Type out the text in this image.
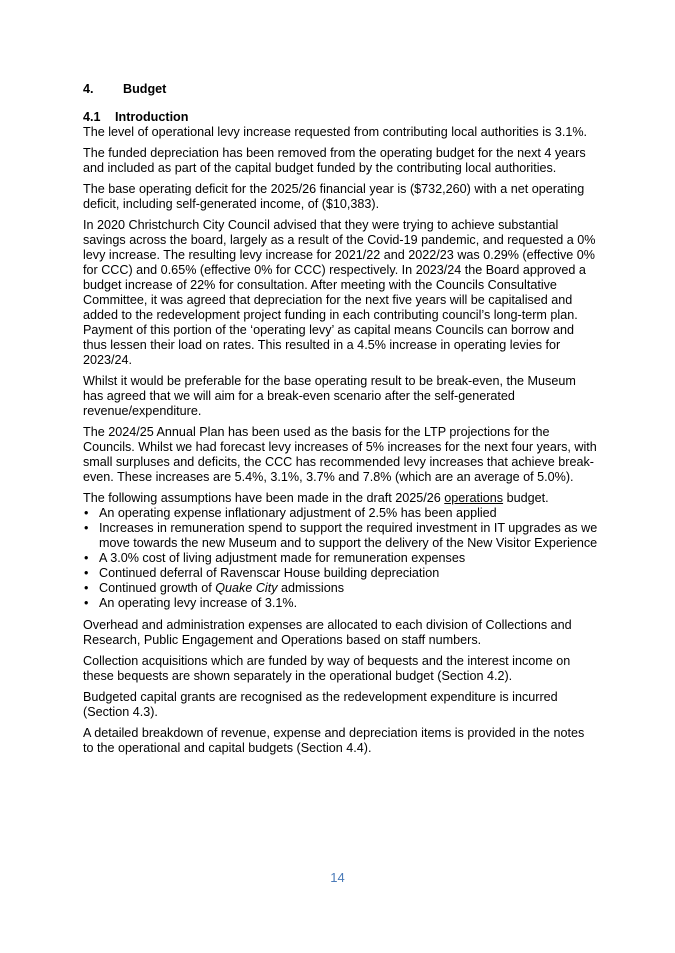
4. Budget
4.1 Introduction

The level of operational levy increase requested from contributing local authorities is 3.1%.

The funded depreciation has been removed from the operating budget for the next 4 years and included as part of the capital budget funded by the contributing local authorities.

The base operating deficit for the 2025/26 financial year is ($732,260) with a net operating deficit, including self-generated income, of ($10,383).

In 2020 Christchurch City Council advised that they were trying to achieve substantial savings across the board, largely as a result of the Covid-19 pandemic, and requested a 0% levy increase. The resulting levy increase for 2021/22 and 2022/23 was 0.29% (effective 0% for CCC) and 0.65% (effective 0% for CCC) respectively. In 2023/24 the Board approved a budget increase of 22% for consultation. After meeting with the Councils Consultative Committee, it was agreed that depreciation for the next five years will be capitalised and added to the redevelopment project funding in each contributing council’s long-term plan. Payment of this portion of the ‘operating levy’ as capital means Councils can borrow and thus lessen their load on rates. This resulted in a 4.5% increase in operating levies for 2023/24.

Whilst it would be preferable for the base operating result to be break-even, the Museum has agreed that we will aim for a break-even scenario after the self-generated revenue/expenditure.

The 2024/25 Annual Plan has been used as the basis for the LTP projections for the Councils. Whilst we had forecast levy increases of 5% increases for the next four years, with small surpluses and deficits, the CCC has recommended levy increases that achieve break-even. These increases are 5.4%, 3.1%, 3.7% and 7.8% (which are an average of 5.0%).

The following assumptions have been made in the draft 2025/26 operations budget.

• An operating expense inflationary adjustment of 2.5% has been applied
• Increases in remuneration spend to support the required investment in IT upgrades as we move towards the new Museum and to support the delivery of the New Visitor Experience
• A 3.0% cost of living adjustment made for remuneration expenses
• Continued deferral of Ravenscar House building depreciation
• Continued growth of Quake City admissions
• An operating levy increase of 3.1%.

Overhead and administration expenses are allocated to each division of Collections and Research, Public Engagement and Operations based on staff numbers.

Collection acquisitions which are funded by way of bequests and the interest income on these bequests are shown separately in the operational budget (Section 4.2).

Budgeted capital grants are recognised as the redevelopment expenditure is incurred (Section 4.3).

A detailed breakdown of revenue, expense and depreciation items is provided in the notes to the operational and capital budgets (Section 4.4).

14
